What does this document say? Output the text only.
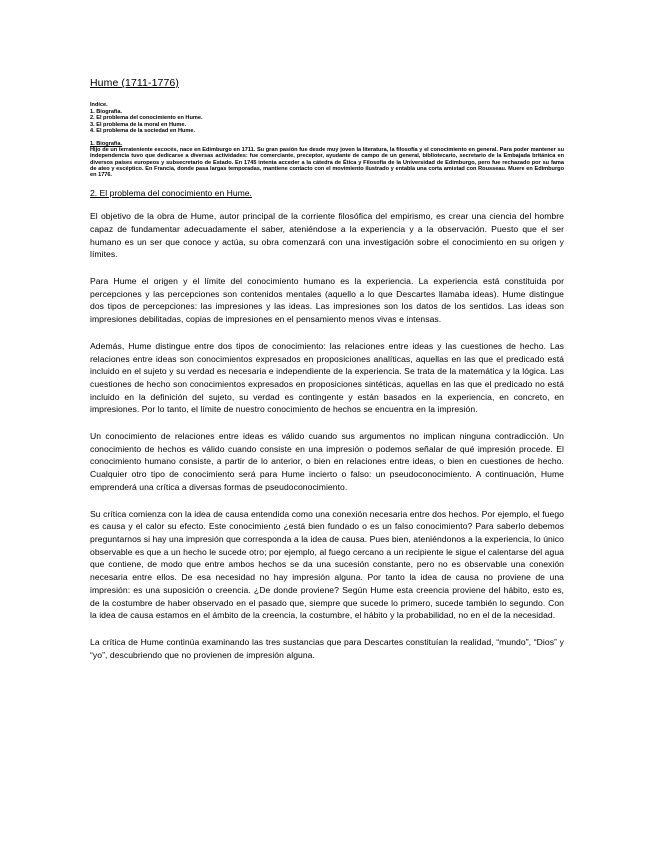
Hume (1711-1776)
Indice.
1. Biografia.
2. El problema del conocimiento en Hume.
3. El problema de la moral en Hume.
4. El problema de la sociedad en Hume.
1. Biografia.

Hijo de un terrateniente escocés, nace en Edimburgo en 1711. Su gran pasión fue desde muy joven la literatura, la filosofía y el conocimiento en general. Para poder mantener su independencia tuvo que dedicarse a diversas actividades: fue comerciante, preceptor, ayudante de campo de un general, bibliotecario, secretario de la Embajada británica en diversos países europeos y subsecretario de Estado. En 1745 intenta acceder a la cátedra de Ética y Filosofía de la Universidad de Edimburgo, pero fue rechazado por su fama de ateo y escéptico. En Francia, donde pasa largas temporadas, mantiene contacto con el movimiento ilustrado y entabla una corta amistad con Rousseau. Muere en Edimburgo en 1776.

2. El problema del conocimiento en Hume.

El objetivo de la obra de Hume, autor principal de la corriente filosófica del empirismo, es crear una ciencia del hombre capaz de fundamentar adecuadamente el saber, ateniéndose a la experiencia y a la observación. Puesto que el ser humano es un ser que conoce y actúa, su obra comenzará con una investigación sobre el conocimiento en su origen y límites.

Para Hume el origen y el límite del conocimiento humano es la experiencia. La experiencia está constituida por percepciones y las percepciones son contenidos mentales (aquello a lo que Descartes llamaba ideas). Hume distingue dos tipos de percepciones: las impresiones y las ideas. Las impresiones son los datos de los sentidos. Las ideas son impresiones debilitadas, copias de impresiones en el pensamiento menos vivas e intensas.

Además, Hume distingue entre dos tipos de conocimiento: las relaciones entre ideas y las cuestiones de hecho. Las relaciones entre ideas son conocimientos expresados en proposiciones analíticas, aquellas en las que el predicado está incluido en el sujeto y su verdad es necesaria e independiente de la experiencia. Se trata de la matemática y la lógica. Las cuestiones de hecho son conocimientos expresados en proposiciones sintéticas, aquellas en las que el predicado no está incluido en la definición del sujeto, su verdad es contingente y están basados en la experiencia, en concreto, en impresiones. Por lo tanto, el límite de nuestro conocimiento de hechos se encuentra en la impresión.

Un conocimiento de relaciones entre ideas es válido cuando sus argumentos no implican ninguna contradicción. Un conocimiento de hechos es válido cuando consiste en una impresión o podemos señalar de qué impresión procede. El conocimiento humano consiste, a partir de lo anterior, o bien en relaciones entre ideas, o bien en cuestiones de hecho. Cualquier otro tipo de conocimiento será para Hume incierto o falso: un pseudoconocimiento. A continuación, Hume emprenderá una crítica a diversas formas de pseudoconocimiento.

Su crítica comienza con la idea de causa entendida como una conexión necesaria entre dos hechos. Por ejemplo, el fuego es causa y el calor su efecto. Este conocimiento ¿está bien fundado o es un falso conocimiento? Para saberlo debemos preguntarnos si hay una impresión que corresponda a la idea de causa. Pues bien, ateniéndonos a la experiencia, lo único observable es que a un hecho le sucede otro; por ejemplo, al fuego cercano a un recipiente le sigue el calentarse del agua que contiene, de modo que entre ambos hechos se da una sucesión constante, pero no es observable una conexión necesaria entre ellos. De esa necesidad no hay impresión alguna. Por tanto la idea de causa no proviene de una impresión: es una suposición o creencia. ¿De donde proviene? Según Hume esta creencia proviene del hábito, esto es, de la costumbre de haber observado en el pasado que, siempre que sucede lo primero, sucede también lo segundo. Con la idea de causa estamos en el ámbito de la creencia, la costumbre, el hábito y la probabilidad, no en el de la necesidad.

La crítica de Hume continúa examinando las tres sustancias que para Descartes constituían la realidad, “mundo”, “Dios” y “yo”, descubriendo que no provienen de impresión alguna.
